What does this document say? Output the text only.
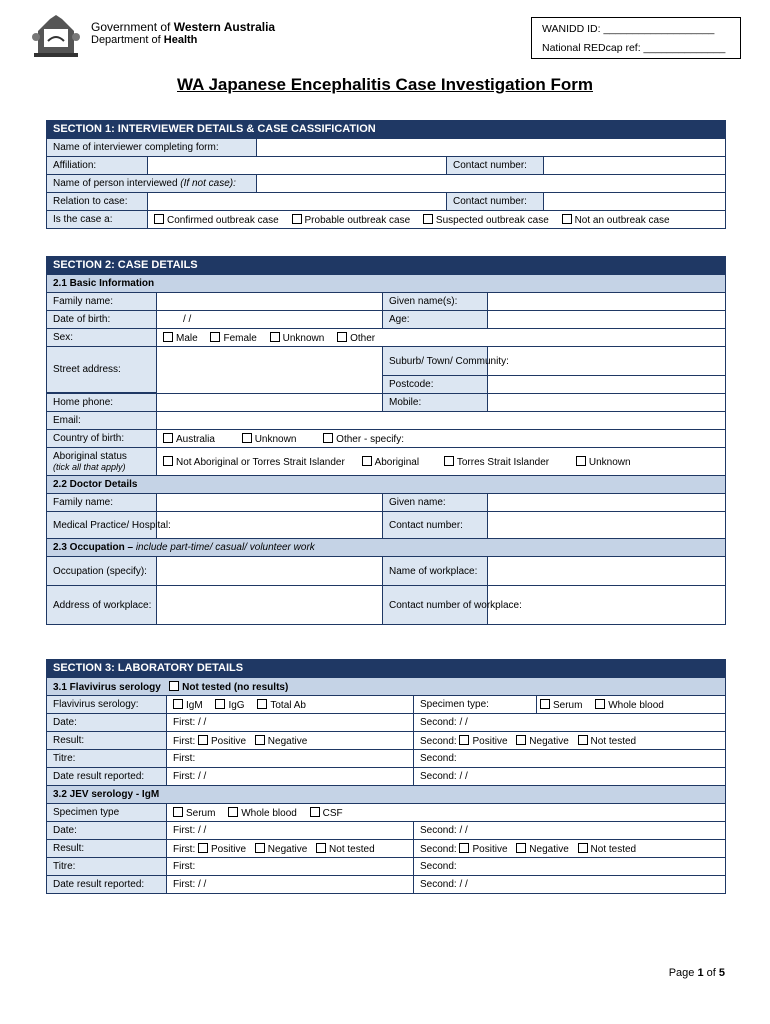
Government of Western Australia
Department of Health
WANIDD ID: ___________________
National REDcap ref: ______________
WA Japanese Encephalitis Case Investigation Form
SECTION 1: INTERVIEWER DETAILS & CASE CASSIFICATION				
Name of interviewer completing form:				
Affiliation:			Contact number:	
Name of person interviewed (If not case):				
Relation to case:			Contact number:	
Is the case a:	Confirmed outbreak case Probable outbreak case Suspected outbreak case Not an outbreak case			
SECTION 2: CASE DETAILS			
2.1 Basic Information			
Family name:		Given name(s):	
Date of birth:	/ /	Age:	
Sex:	Male Female Unknown Other		
Street address:		Suburb/ Town/ Community:	
		Postcode:	

Home phone:		Mobile:	
Email:			
Country of birth:	Australia Unknown Other - specify:		
Aboriginal status
(tick all that apply)	Not Aboriginal or Torres Strait Islander Aboriginal Torres Strait Islander Unknown		
2.2 Doctor Details			
Family name:		Given name:	
Medical Practice/ Hospital:		Contact number:	
2.3 Occupation – include part-time/ casual/ volunteer work			
Occupation (specify):		Name of workplace:	
Address of workplace:		Contact number of workplace:	
SECTION 3: LABORATORY DETAILS			
3.1 Flavivirus serology Not tested (no results)			
Flavivirus serology:	IgM IgG Total Ab	Specimen type:	Serum Whole blood
Date:	First: / /	Second: / /	
Result:	First: Positive Negative	Second: Positive Negative Not tested	
Titre:	First:	Second:	
Date result reported:	First: / /	Second: / /	
3.2 JEV serology - IgM			
Specimen type	Serum Whole blood CSF		
Date:	First: / /	Second: / /	
Result:	First: Positive Negative Not tested	Second: Positive Negative Not tested	
Titre:	First:	Second:	
Date result reported:	First: / /	Second: / /	
Page 1 of 5
